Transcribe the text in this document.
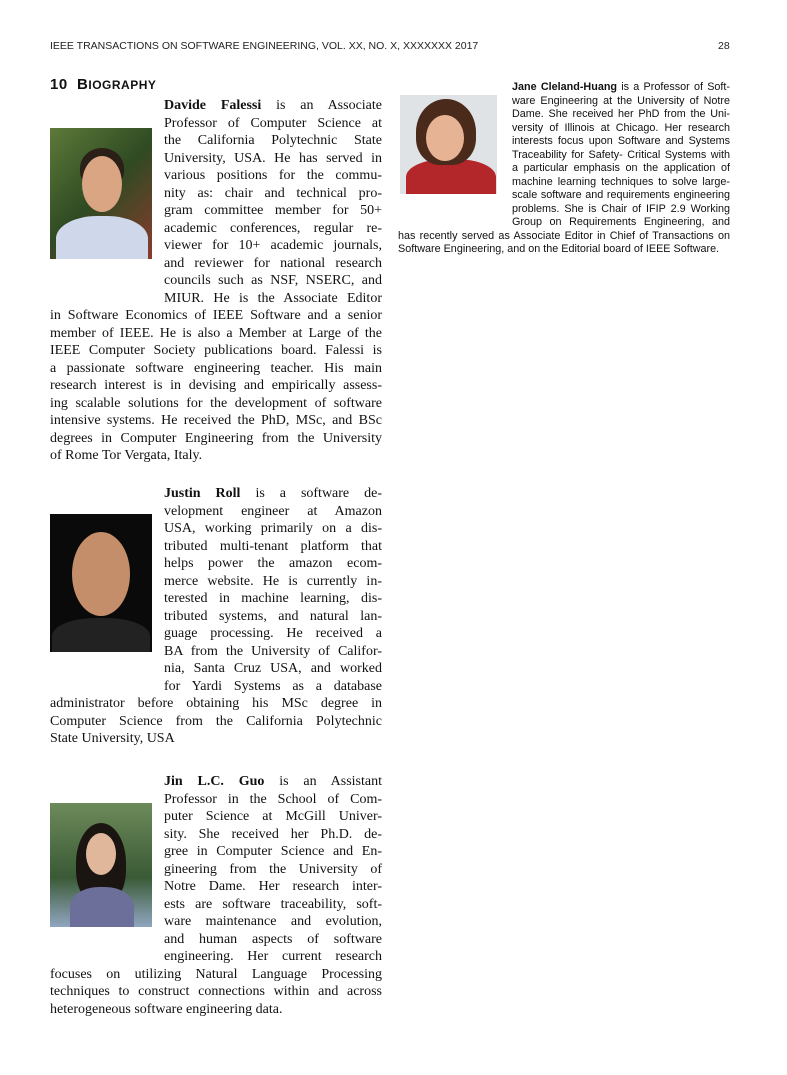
IEEE TRANSACTIONS ON SOFTWARE ENGINEERING, VOL. XX, NO. X, XXXXXXX 2017	28
10 BIOGRAPHY
Davide Falessi is an Associate
Professor of Computer Science at
the California Polytechnic State
University, USA. He has served in
various positions for the commu-
nity as: chair and technical pro-
gram committee member for 50+
academic conferences, regular re-
viewer for 10+ academic journals,
and reviewer for national research
councils such as NSF, NSERC, and
MIUR. He is the Associate Editor
in Software Economics of IEEE Software and a senior
member of IEEE. He is also a Member at Large of the
IEEE Computer Society publications board. Falessi is
a passionate software engineering teacher. His main
research interest is in devising and empirically assess-
ing scalable solutions for the development of software
intensive systems. He received the PhD, MSc, and BSc
degrees in Computer Engineering from the University
of Rome Tor Vergata, Italy.
Justin Roll is a software de-
velopment engineer at Amazon
USA, working primarily on a dis-
tributed multi-tenant platform that
helps power the amazon ecom-
merce website. He is currently in-
terested in machine learning, dis-
tributed systems, and natural lan-
guage processing. He received a
BA from the University of Califor-
nia, Santa Cruz USA, and worked
for Yardi Systems as a database
administrator before obtaining his MSc degree in
Computer Science from the California Polytechnic
State University, USA
Jin L.C. Guo is an Assistant
Professor in the School of Com-
puter Science at McGill Univer-
sity. She received her Ph.D. de-
gree in Computer Science and En-
gineering from the University of
Notre Dame. Her research inter-
ests are software traceability, soft-
ware maintenance and evolution,
and human aspects of software
engineering. Her current research
focuses on utilizing Natural Language Processing
techniques to construct connections within and across
heterogeneous software engineering data.
Jane Cleland-Huang is a Professor of Soft-
ware Engineering at the University of Notre
Dame. She received her PhD from the Uni-
versity of Illinois at Chicago. Her research
interests focus upon Software and Systems
Traceability for Safety- Critical Systems with
a particular emphasis on the application of
machine learning techniques to solve large-
scale software and requirements engineering
problems. She is Chair of IFIP 2.9 Working
Group on Requirements Engineering, and
has recently served as Associate Editor in Chief of Transactions on
Software Engineering, and on the Editorial board of IEEE Software.
